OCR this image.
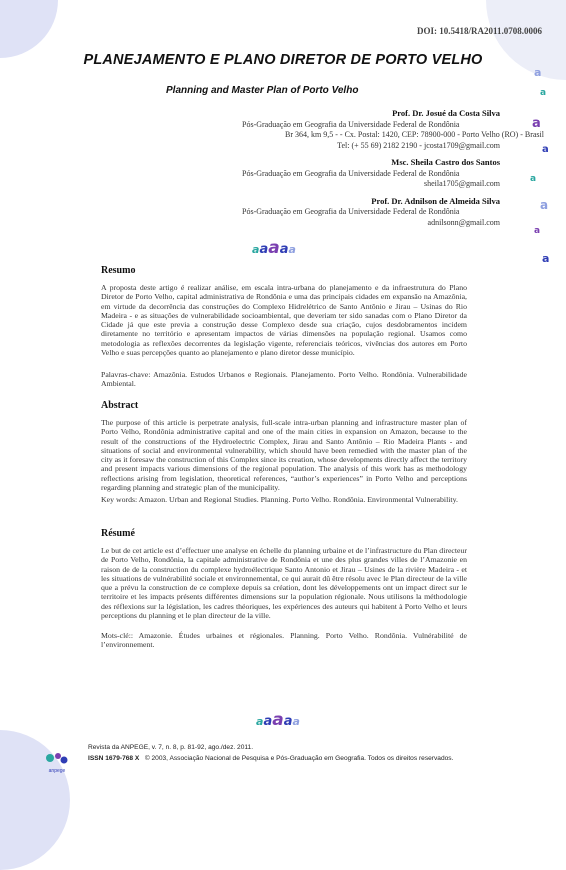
DOI: 10.5418/RA2011.0708.0006
a
a
a
a
a
a
a
a
PLANEJAMENTO E PLANO DIRETOR DE PORTO VELHO
Planning and Master Plan of Porto Velho
Prof. Dr. Josué da Costa Silva
Pós-Graduação em Geografia da Universidade Federal de Rondônia
Br 364, km 9,5 - - Cx. Postal: 1420, CEP: 78900-000 - Porto Velho (RO) - Brasil
Tel: (+ 55 69) 2182 2190 - jcosta1709@gmail.com
Msc. Sheila Castro dos Santos
Pós-Graduação em Geografia da Universidade Federal de Rondônia
sheila1705@gmail.com
Prof. Dr. Adnilson de Almeida Silva
Pós-Graduação em Geografia da Universidade Federal de Rondônia
adnilsonn@gmail.com
aaaaa
Resumo
A proposta deste artigo é realizar análise, em escala intra-urbana do planejamento e da infraestrutura do Plano Diretor de Porto Velho, capital administrativa de Rondônia e uma das principais cidades em expansão na Amazônia, em virtude da decorrência das construções do Complexo Hidrelétrico de Santo Antônio e Jirau – Usinas do Rio Madeira - e as situações de vulnerabilidade socioambiental, que deveriam ter sido sanadas com o Plano Diretor da Cidade já que este previa a construção desse Complexo desde sua criação, cujos desdobramentos incidem diretamente no território e apresentam impactos de várias dimensões na população regional. Usamos como metodologia as reflexões decorrentes da legislação vigente, referenciais teóricos, vivências dos autores em Porto Velho e suas percepções quanto ao planejamento e plano diretor desse município.
Palavras-chave: Amazônia. Estudos Urbanos e Regionais. Planejamento. Porto Velho. Rondônia. Vulnerabilidade Ambiental.
Abstract
The purpose of this article is perpetrate analysis, full-scale intra-urban planning and infrastructure master plan of Porto Velho, Rondônia administrative capital and one of the main cities in expansion on Amazon, because to the result of the constructions of the Hydroelectric Complex, Jirau and Santo Antônio – Rio Madeira Plants - and situations of social and environmental vulnerability, which should have been remedied with the master plan of the city as it foresaw the construction of this Complex since its creation, whose developments directly affect the territory and present impacts various dimensions of the regional population. The analysis of this work has as methodology reflections arising from legislation, theoretical references, “author’s experiences” in Porto Velho and perceptions regarding planning and strategic plan of the municipality.
Key words: Amazon. Urban and Regional Studies. Planning. Porto Velho. Rondônia. Environmental Vulnerability.
Résumé
Le but de cet article est d’effectuer une analyse en échelle du planning urbaine et de l’infrastructure du Plan directeur de Porto Velho, Rondônia, la capitale administrative de Rondônia et une des plus grandes villes de l’Amazonie en raison de de la construction du complexe hydroélectrique Santo Antonio et Jirau – Usines de la rivière Madeira - et les situations de vulnérabilité sociale et environnemental, ce qui aurait dû être résolu avec le Plan directeur de la ville que a prévu la construction de ce complexe depuis sa création, dont les développements ont un impact direct sur le territoire et les impacts présents différentes dimensions sur la population régionale. Nous utilisons la méthodologie des réflexions sur la législation, les cadres théoriques, les expériences des auteurs qui habitent à Porto Velho et leurs perceptions du planning et le plan directeur de la ville.
Mots-clé:: Amazonie. Études urbaines et régionales. Planning. Porto Velho. Rondônia. Vulnérabilité de l’environnement.
aaaaa
anpege
Revista da ANPEGE, v. 7, n. 8, p. 81-92, ago./dez. 2011.
ISSN 1679-768 X © 2003, Associação Nacional de Pesquisa e Pós-Graduação em Geografia. Todos os direitos reservados.
